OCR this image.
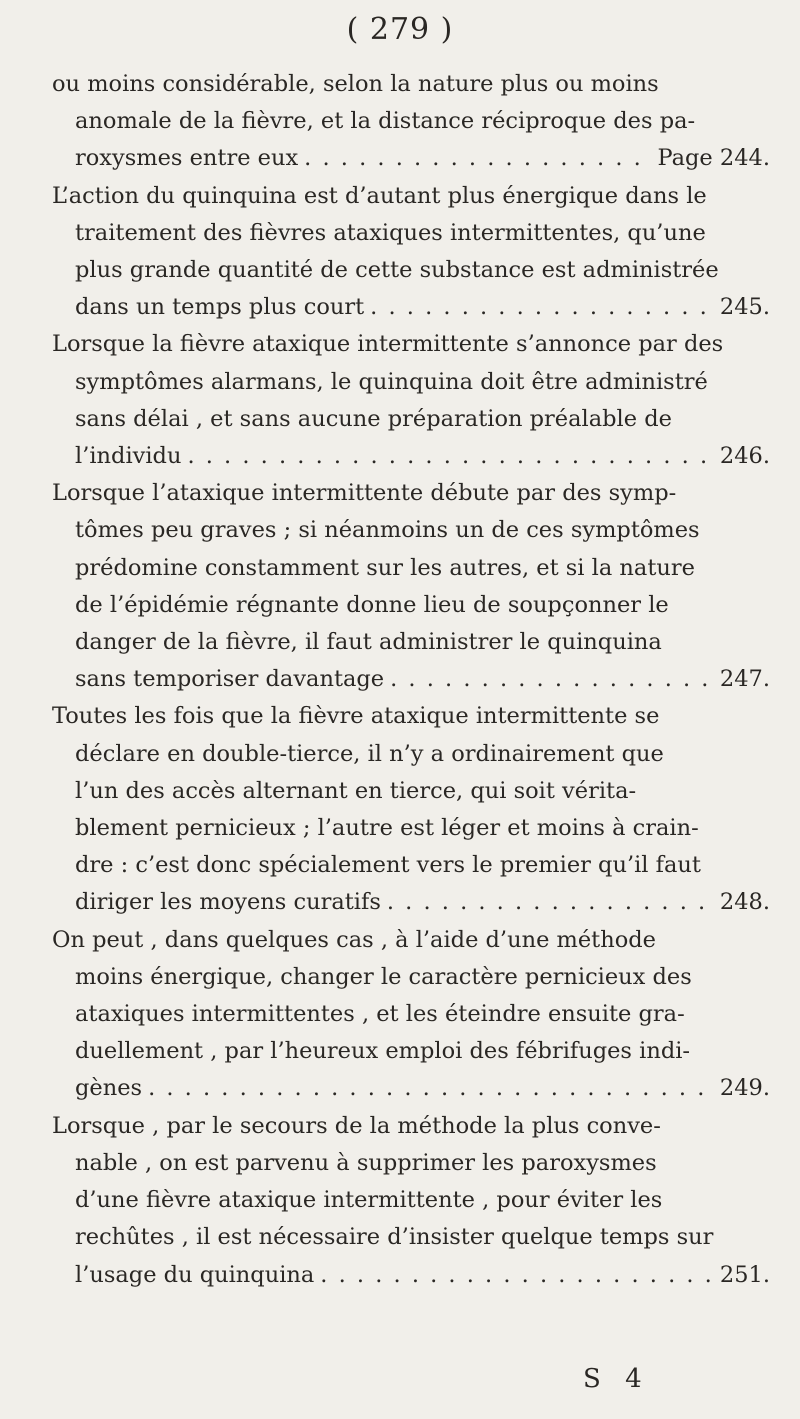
( 279 )
ou moins considérable, selon la nature plus ou moins
anomale de la fièvre, et la distance réciproque des pa-
roxysmes entre eux . . .	Page 244.
L’action du quinquina est d’autant plus énergique dans le
traitement des fièvres ataxiques intermittentes, qu’une
plus grande quantité de cette substance est administrée
dans un temps plus court . . .	245.
Lorsque la fièvre ataxique intermittente s’annonce par des
symptômes alarmans, le quinquina doit être administré
sans délai , et sans aucune préparation préalable de
l’individu . . .	246.
Lorsque l’ataxique intermittente débute par des symp-
tômes peu graves ; si néanmoins un de ces symptômes
prédomine constamment sur les autres, et si la nature
de l’épidémie régnante donne lieu de soupçonner le
danger de la fièvre, il faut administrer le quinquina
sans temporiser davantage . . .	247.
Toutes les fois que la fièvre ataxique intermittente se
déclare en double-tierce, il n’y a ordinairement que
l’un des accès alternant en tierce, qui soit vérita-
blement pernicieux ; l’autre est léger et moins à crain-
dre : c’est donc spécialement vers le premier qu’il faut
diriger les moyens curatifs . . .	248.
On peut , dans quelques cas , à l’aide d’une méthode
moins énergique, changer le caractère pernicieux des
ataxiques intermittentes , et les éteindre ensuite gra-
duellement , par l’heureux emploi des fébrifuges indi-
gènes . . .	249.
Lorsque , par le secours de la méthode la plus conve-
nable , on est parvenu à supprimer les paroxysmes
d’une fièvre ataxique intermittente , pour éviter les
rechûtes , il est nécessaire d’insister quelque temps sur
l’usage du quinquina . . .	251.
S 4
